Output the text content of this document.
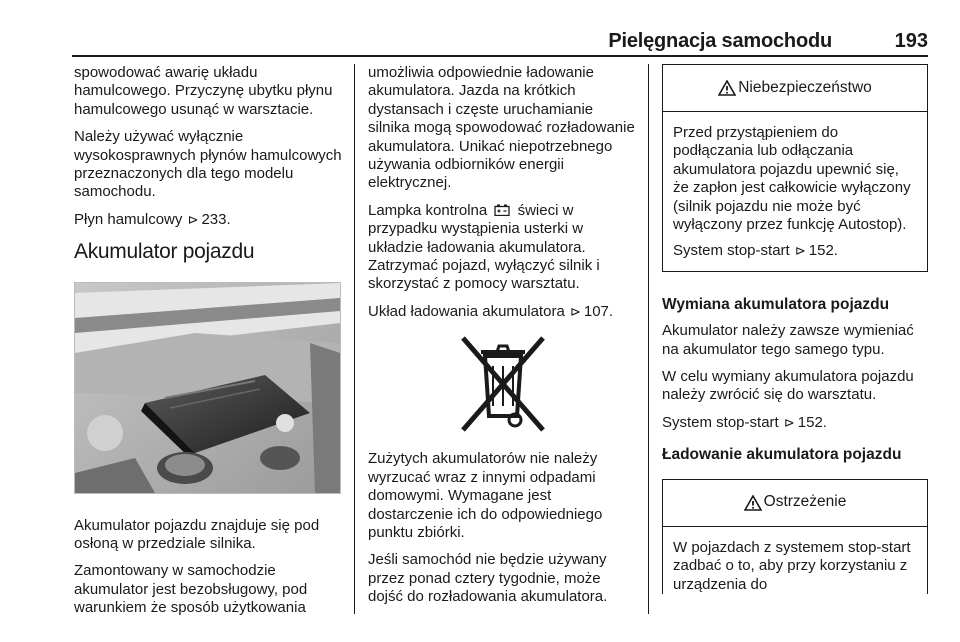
Pielęgnacja samochodu	193

spowodować awarię układu hamulcowego. Przyczynę ubytku płynu hamulcowego usunąć w warsztacie.

Należy używać wyłącznie wysokosprawnych płynów hamulcowych przeznaczonych dla tego modelu samochodu.

Płyn hamulcowy ⊳ 233.

Akumulator pojazdu

Akumulator pojazdu znajduje się pod osłoną w przedziale silnika.

Zamontowany w samochodzie akumulator jest bezobsługowy, pod warunkiem że sposób użytkowania

umożliwia odpowiednie ładowanie akumulatora. Jazda na krótkich dystansach i częste uruchamianie silnika mogą spowodować rozładowanie akumulatora. Unikać niepotrzebnego używania odbiorników energii elektrycznej.

Lampka kontrolna świeci w przypadku wystąpienia usterki w układzie ładowania akumulatora. Zatrzymać pojazd, wyłączyć silnik i skorzystać z pomocy warsztatu.

Układ ładowania akumulatora ⊳ 107.

Zużytych akumulatorów nie należy wyrzucać wraz z innymi odpadami domowymi. Wymagane jest dostarczenie ich do odpowiedniego punktu zbiórki.

Jeśli samochód nie będzie używany przez ponad cztery tygodnie, może dojść do rozładowania akumulatora.

Niebezpieczeństwo

Przed przystąpieniem do podłączania lub odłączania akumulatora pojazdu upewnić się, że zapłon jest całkowicie wyłączony (silnik pojazdu nie może być wyłączony przez funkcję Autostop).

System stop-start ⊳ 152.

Wymiana akumulatora pojazdu

Akumulator należy zawsze wymieniać na akumulator tego samego typu.

W celu wymiany akumulatora pojazdu należy zwrócić się do warsztatu.

System stop-start ⊳ 152.

Ładowanie akumulatora pojazdu

Ostrzeżenie

W pojazdach z systemem stop-start zadbać o to, aby przy korzystaniu z urządzenia do
